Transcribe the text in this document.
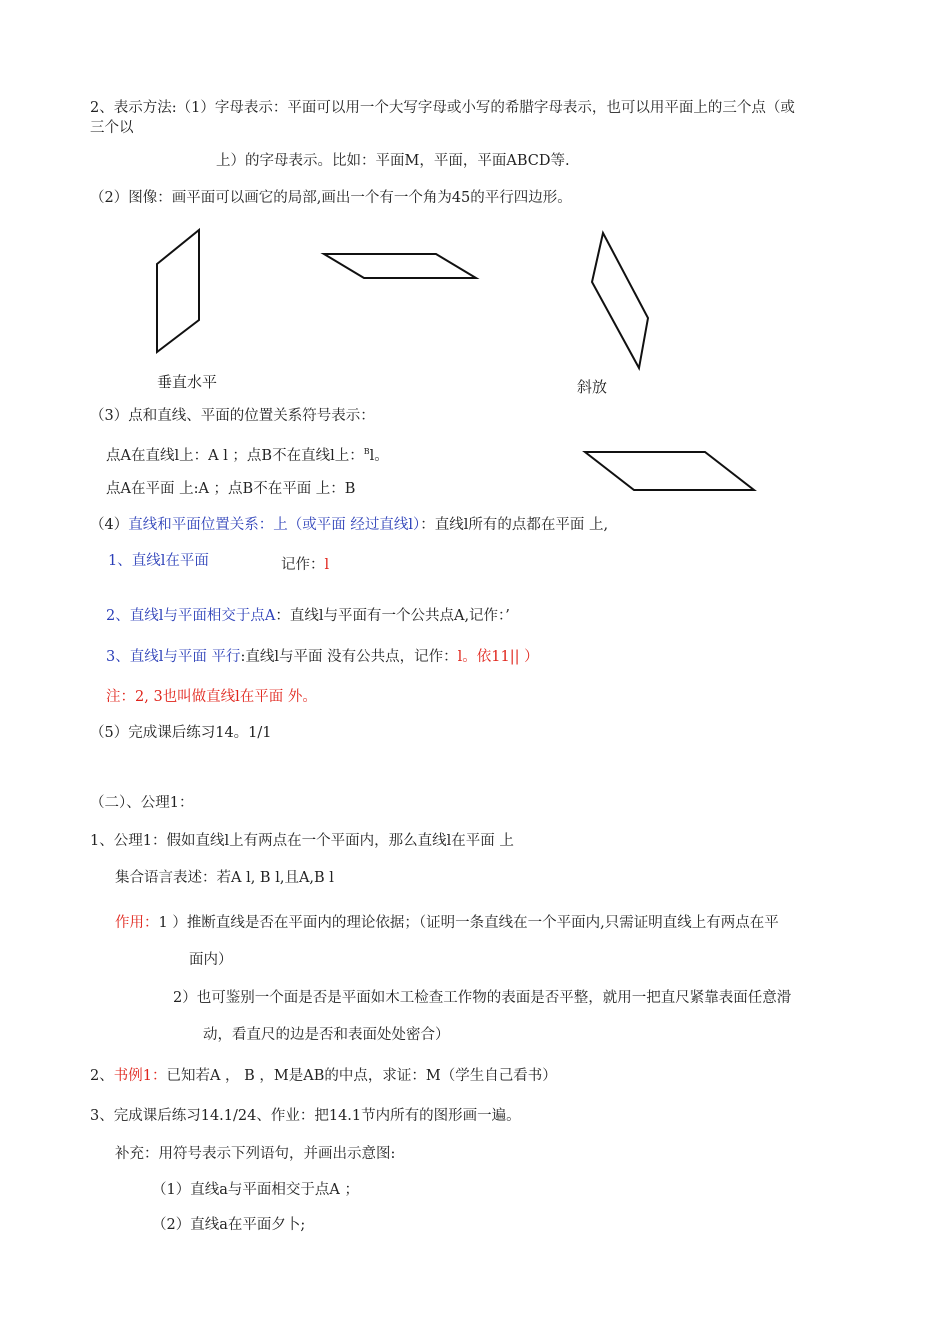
2、表示方法:（1）字母表示：平面可以用一个大写字母或小写的希腊字母表示，也可以用平面上的三个点（或
三个以
上）的字母表示。比如：平面M，平面，平面ABCD等.
（2）图像：画平面可以画它的局部,画出一个有一个角为45的平行四边形。
垂直水平	斜放
（3）点和直线、平面的位置关系符号表示：
点A在直线l上：A l ；点B不在直线l上：$^B$l。
点A在平面 上:A ；点B不在平面 上：B
（4）直线和平面位置关系：上（或平面 经过直线l）：直线l所有的点都在平面 上,
1、直线l在平面	记作：l
2、直线l与平面相交于点A：直线l与平面有一个公共点A,记作：’
3、直线l与平面 平行:直线l与平面 没有公共点，记作：l。依11|| ）
注：2, 3也叫做直线l在平面 外。
（5）完成课后练习14。1/1
（二）、公理1：
1、公理1：假如直线l上有两点在一个平面内，那么直线l在平面 上
集合语言表述：若A l, B l,且A,B l
作用：1 ）推断直线是否在平面内的理论依据；（证明一条直线在一个平面内,只需证明直线上有两点在平
面内）
2）也可鉴别一个面是否是平面如木工检查工作物的表面是否平整，就用一把直尺紧靠表面任意滑
动，看直尺的边是否和表面处处密合）
2、书例1：已知若A ， B ，M是AB的中点，求证：M（学生自己看书）
3、完成课后练习14.1/24、作业：把14.1节内所有的图形画一遍。
补充：用符号表示下列语句，并画出示意图:
（1）直线a与平面相交于点A ；
（2）直线a在平面夕卜;
